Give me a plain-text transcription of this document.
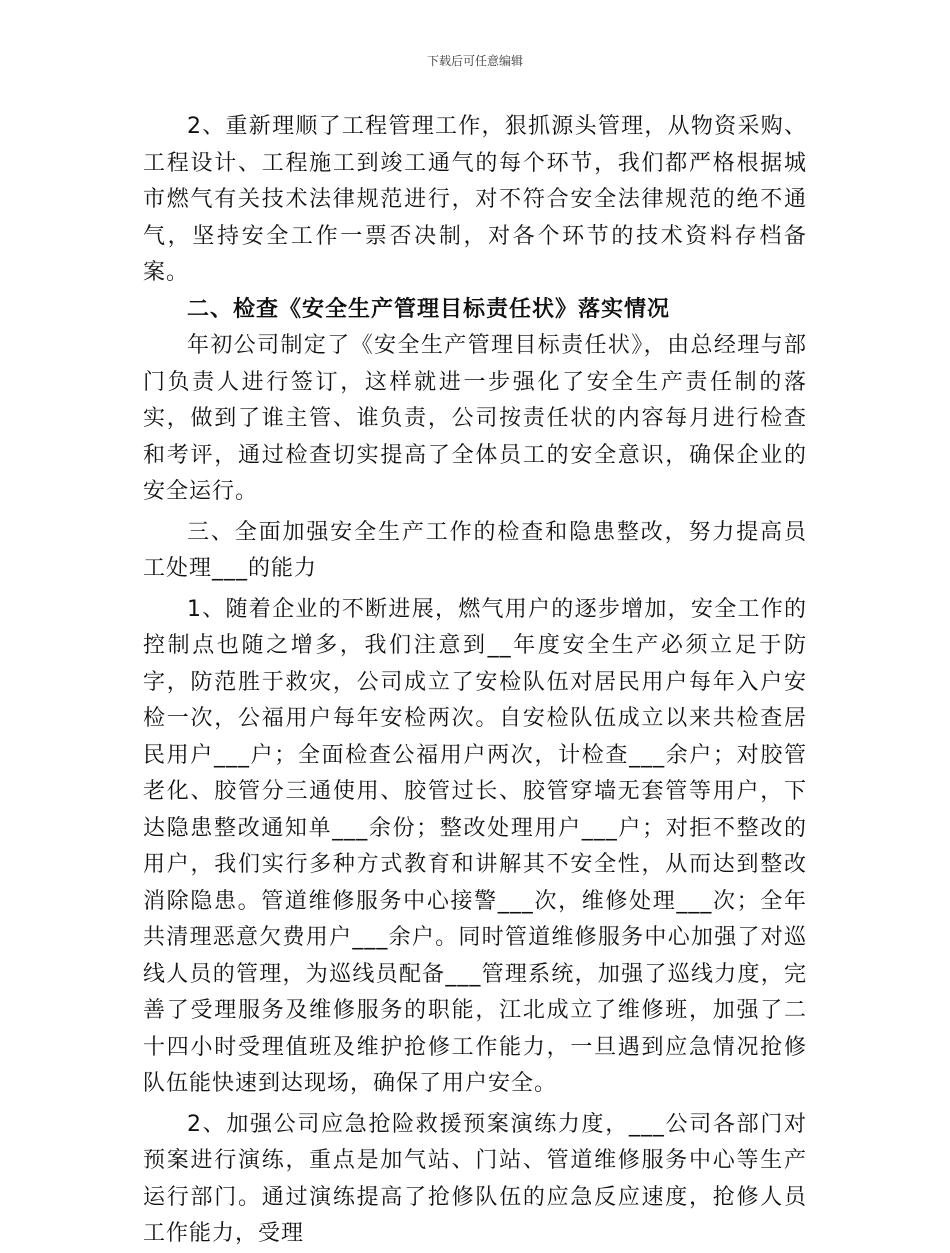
下载后可任意编辑

2、重新理顺了工程管理工作，狠抓源头管理，从物资采购、工程设计、工程施工到竣工通气的每个环节，我们都严格根据城市燃气有关技术法律规范进行，对不符合安全法律规范的绝不通气，坚持安全工作一票否决制，对各个环节的技术资料存档备案。

二、检查《安全生产管理目标责任状》落实情况

年初公司制定了《安全生产管理目标责任状》，由总经理与部门负责人进行签订，这样就进一步强化了安全生产责任制的落实，做到了谁主管、谁负责，公司按责任状的内容每月进行检查和考评，通过检查切实提高了全体员工的安全意识，确保企业的安全运行。

三、全面加强安全生产工作的检查和隐患整改，努力提高员工处理___的能力

1、随着企业的不断进展，燃气用户的逐步增加，安全工作的控制点也随之增多，我们注意到__年度安全生产必须立足于防字，防范胜于救灾，公司成立了安检队伍对居民用户每年入户安检一次，公福用户每年安检两次。自安检队伍成立以来共检查居民用户___户；全面检查公福用户两次，计检查___余户；对胶管老化、胶管分三通使用、胶管过长、胶管穿墙无套管等用户，下达隐患整改通知单___余份；整改处理用户___户；对拒不整改的用户，我们实行多种方式教育和讲解其不安全性，从而达到整改消除隐患。管道维修服务中心接警___次，维修处理___次；全年共清理恶意欠费用户___余户。同时管道维修服务中心加强了对巡线人员的管理，为巡线员配备___管理系统，加强了巡线力度，完善了受理服务及维修服务的职能，江北成立了维修班，加强了二十四小时受理值班及维护抢修工作能力，一旦遇到应急情况抢修队伍能快速到达现场，确保了用户安全。

2、加强公司应急抢险救援预案演练力度，___公司各部门对预案进行演练，重点是加气站、门站、管道维修服务中心等生产运行部门。通过演练提高了抢修队伍的应急反应速度，抢修人员工作能力，受理
